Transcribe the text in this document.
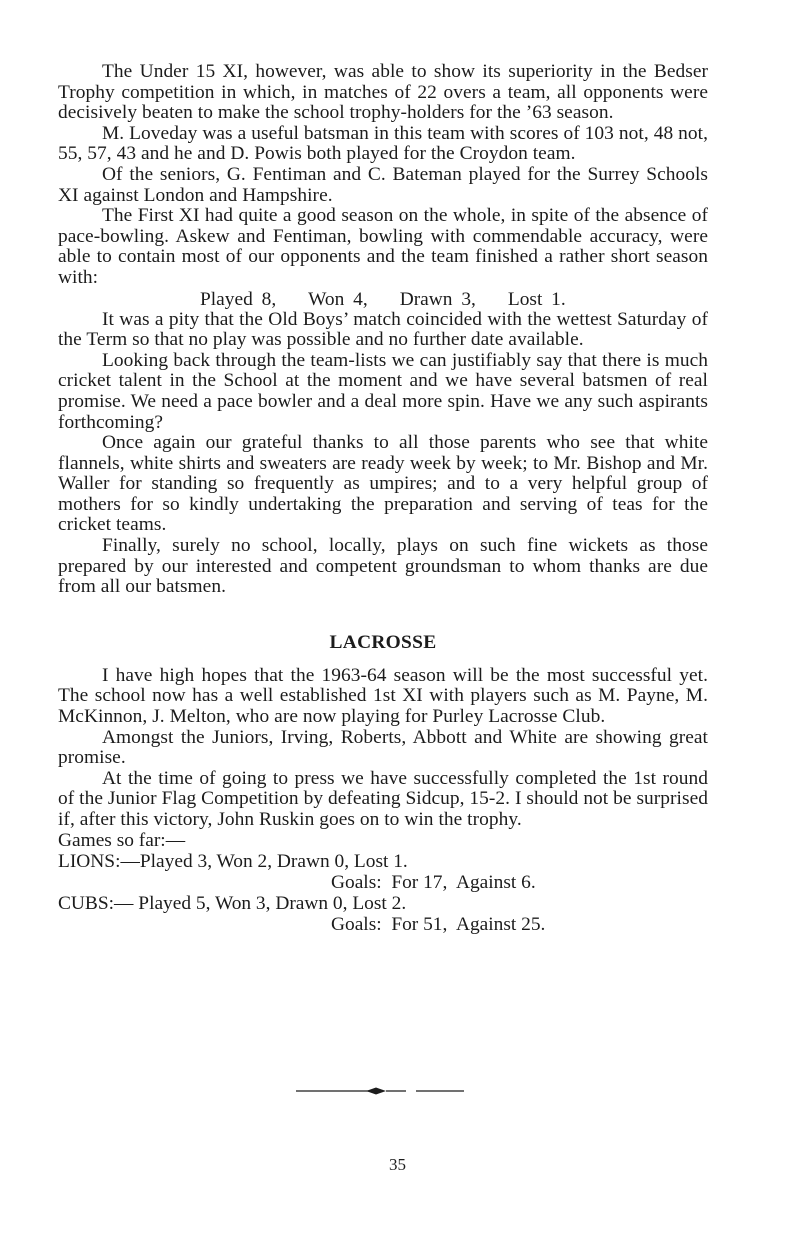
The Under 15 XI, however, was able to show its superiority in the Bedser Trophy competition in which, in matches of 22 overs a team, all opponents were decisively beaten to make the school trophy-holders for the ’63 season.

M. Loveday was a useful batsman in this team with scores of 103 not, 48 not, 55, 57, 43 and he and D. Powis both played for the Croydon team.

Of the seniors, G. Fentiman and C. Bateman played for the Surrey Schools XI against London and Hampshire.

The First XI had quite a good season on the whole, in spite of the absence of pace-bowling. Askew and Fentiman, bowling with commendable accuracy, were able to contain most of our opponents and the team finished a rather short season with:

Played 8, Won 4, Drawn 3, Lost 1.

It was a pity that the Old Boys’ match coincided with the wettest Saturday of the Term so that no play was possible and no further date available.

Looking back through the team-lists we can justifiably say that there is much cricket talent in the School at the moment and we have several batsmen of real promise. We need a pace bowler and a deal more spin. Have we any such aspirants forthcoming?

Once again our grateful thanks to all those parents who see that white flannels, white shirts and sweaters are ready week by week; to Mr. Bishop and Mr. Waller for standing so frequently as umpires; and to a very helpful group of mothers for so kindly undertaking the preparation and serving of teas for the cricket teams.

Finally, surely no school, locally, plays on such fine wickets as those prepared by our interested and competent groundsman to whom thanks are due from all our batsmen.

LACROSSE

I have high hopes that the 1963-64 season will be the most successful yet. The school now has a well established 1st XI with players such as M. Payne, M. McKinnon, J. Melton, who are now playing for Purley Lacrosse Club.

Amongst the Juniors, Irving, Roberts, Abbott and White are showing great promise.

At the time of going to press we have successfully completed the 1st round of the Junior Flag Competition by defeating Sidcup, 15-2. I should not be surprised if, after this victory, John Ruskin goes on to win the trophy.

Games so far:—

LIONS:—Played 3, Won 2, Drawn 0, Lost 1.

Goals:  For 17,  Against 6.

CUBS:— Played 5, Won 3, Drawn 0, Lost 2.

Goals:  For 51,  Against 25.

35
